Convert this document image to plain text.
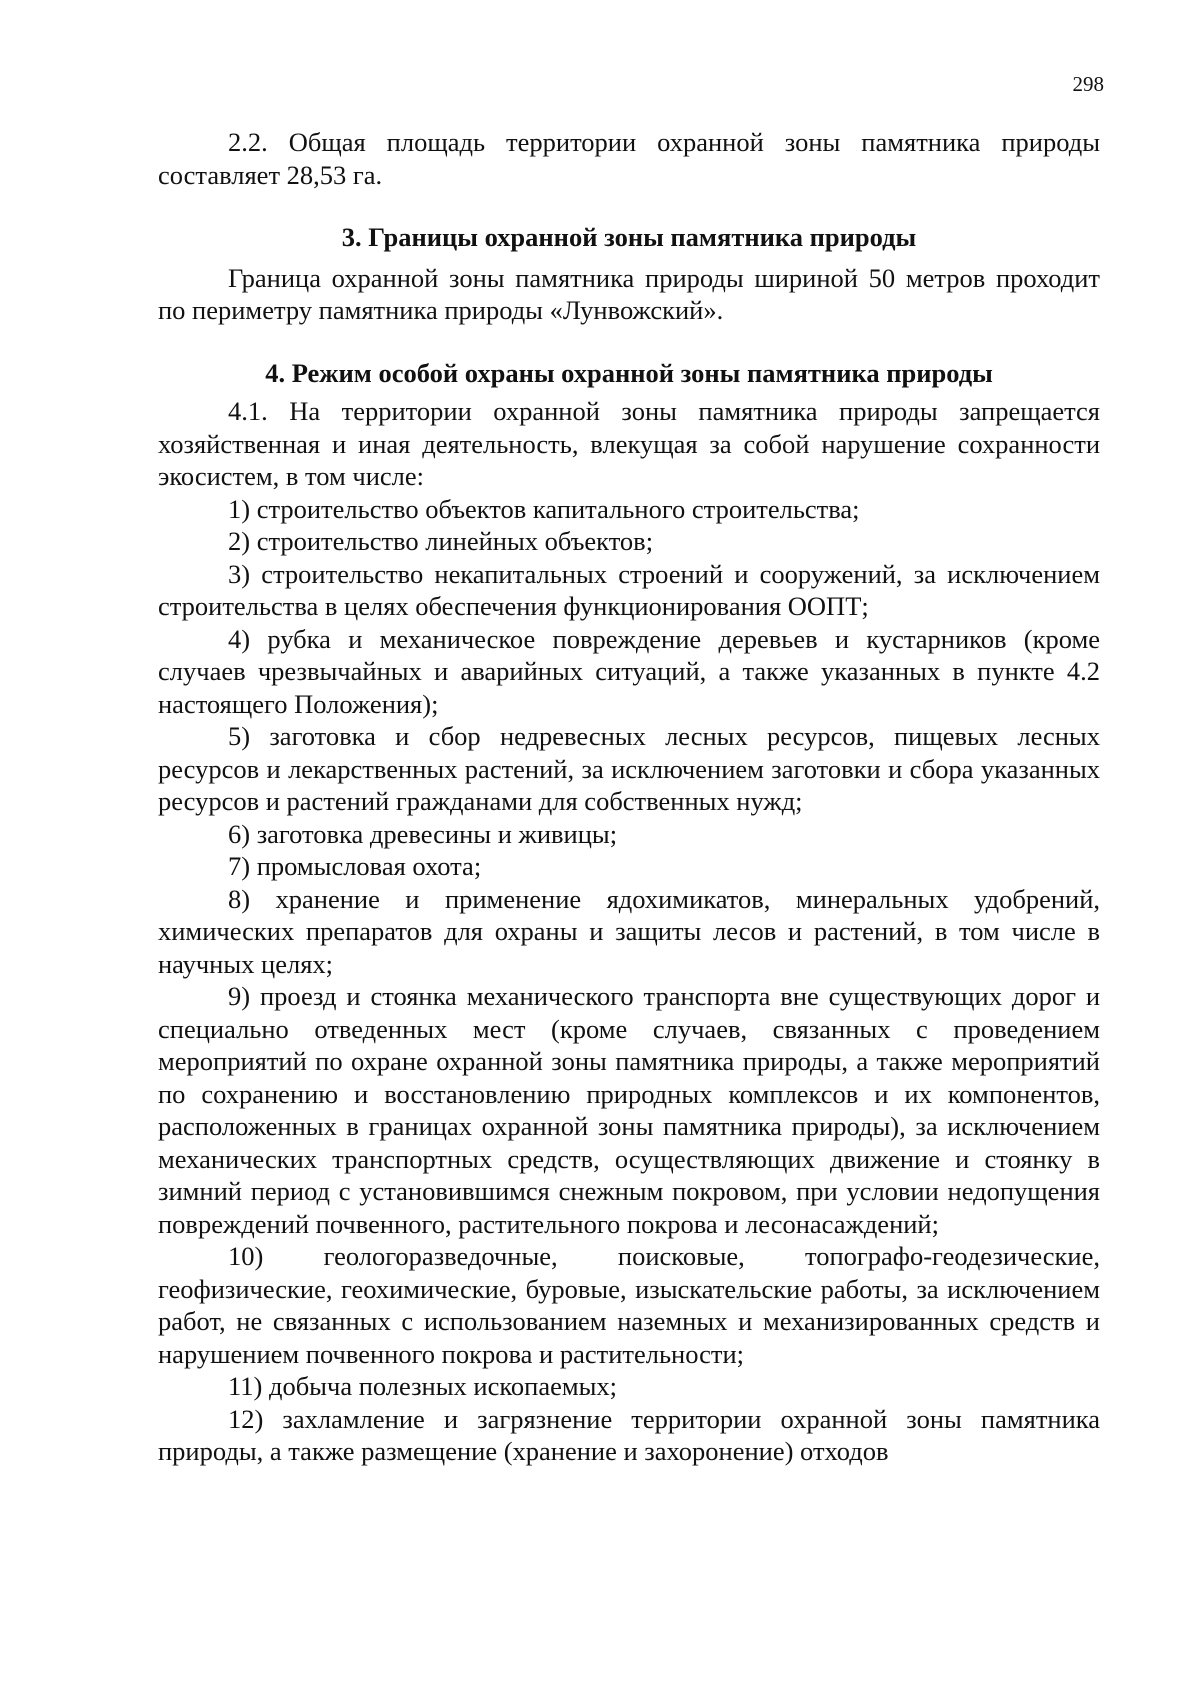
298

2.2. Общая площадь территории охранной зоны памятника природы составляет 28,53 га.

3. Границы охранной зоны памятника природы

Граница охранной зоны памятника природы шириной 50 метров проходит по периметру памятника природы «Лунвожский».

4. Режим особой охраны охранной зоны памятника природы

4.1. На территории охранной зоны памятника природы запрещается хозяйственная и иная деятельность, влекущая за собой нарушение сохранности экосистем, в том числе:

1) строительство объектов капитального строительства;

2) строительство линейных объектов;

3) строительство некапитальных строений и сооружений, за исключением строительства в целях обеспечения функционирования ООПТ;

4) рубка и механическое повреждение деревьев и кустарников (кроме случаев чрезвычайных и аварийных ситуаций, а также указанных в пункте 4.2 настоящего Положения);

5) заготовка и сбор недревесных лесных ресурсов, пищевых лесных ресурсов и лекарственных растений, за исключением заготовки и сбора указанных ресурсов и растений гражданами для собственных нужд;

6) заготовка древесины и живицы;

7) промысловая охота;

8) хранение и применение ядохимикатов, минеральных удобрений, химических препаратов для охраны и защиты лесов и растений, в том числе в научных целях;

9) проезд и стоянка механического транспорта вне существующих дорог и специально отведенных мест (кроме случаев, связанных с проведением мероприятий по охране охранной зоны памятника природы, а также мероприятий по сохранению и восстановлению природных комплексов и их компонентов, расположенных в границах охранной зоны памятника природы), за исключением механических транспортных средств, осуществляющих движение и стоянку в зимний период с установившимся снежным покровом, при условии недопущения повреждений почвенного, растительного покрова и лесонасаждений;

10) геологоразведочные, поисковые, топографо-геодезические, геофизические, геохимические, буровые, изыскательские работы, за исключением работ, не связанных с использованием наземных и механизированных средств и нарушением почвенного покрова и растительности;

11) добыча полезных ископаемых;

12) захламление и загрязнение территории охранной зоны памятника природы, а также размещение (хранение и захоронение) отходов
